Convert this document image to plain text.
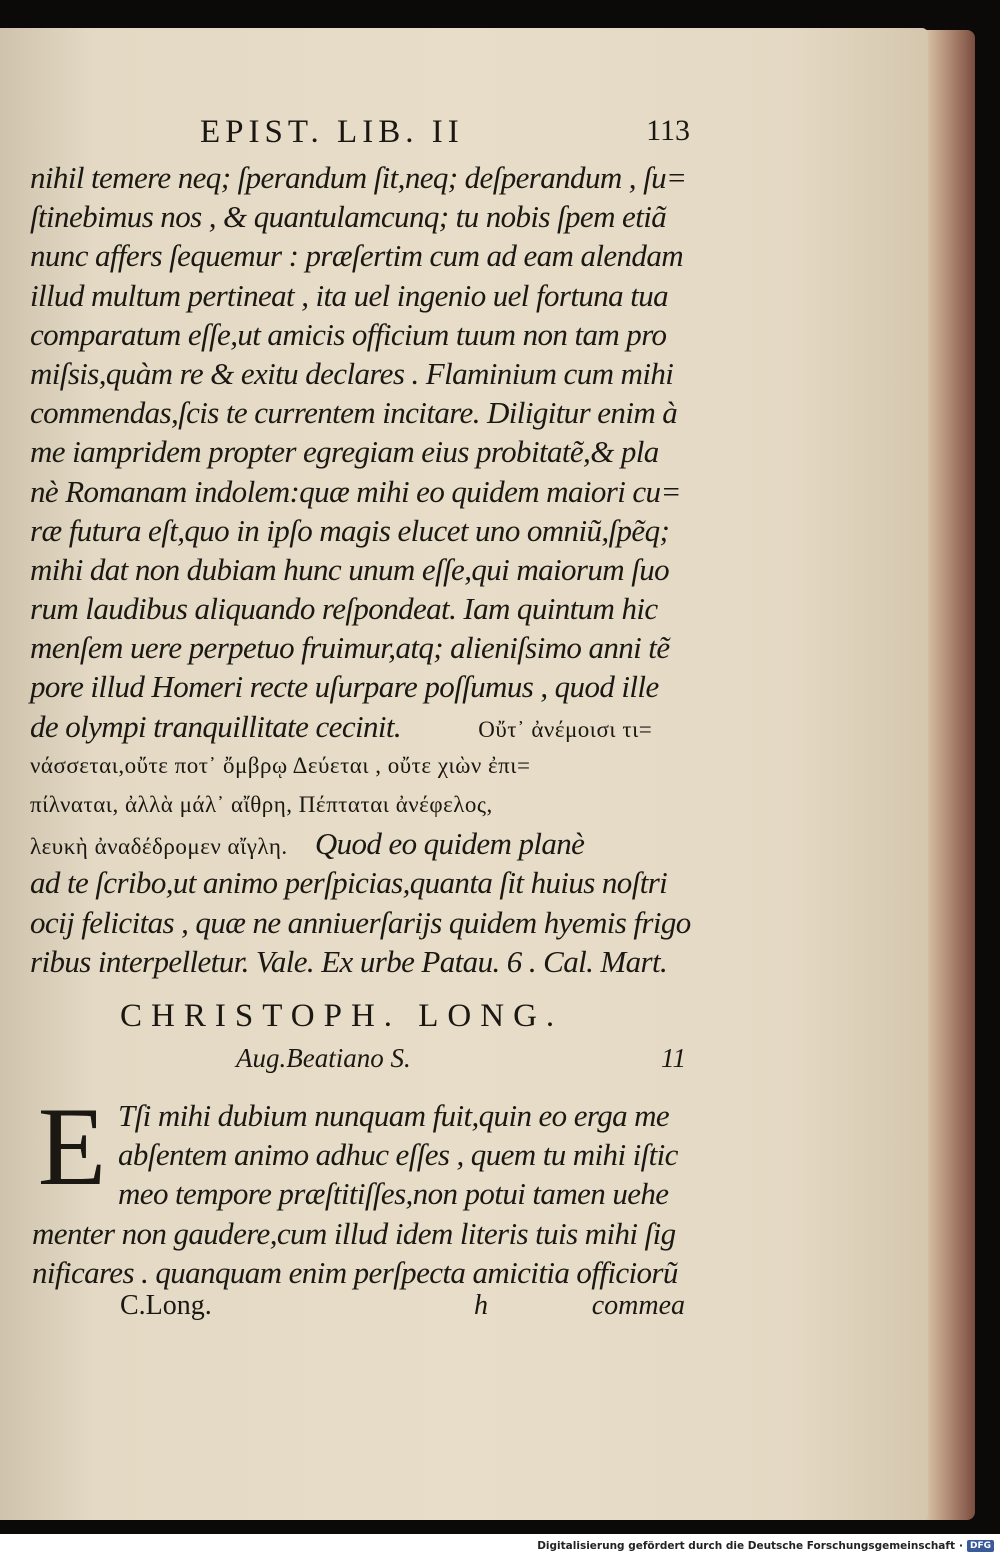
EPIST. LIB. II	113
nihil temere neq; ſperandum ſit,neq; deſperandum , ſu=
ſtinebimus nos , & quantulamcunq; tu nobis ſpem etiã
nunc affers ſequemur : præſertim cum ad eam alendam
illud multum pertineat , ita uel ingenio uel fortuna tua
comparatum eſſe,ut amicis officium tuum non tam pro
miſsis,quàm re & exitu declares . Flaminium cum mihi
commendas,ſcis te currentem incitare. Diligitur enim à
me iampridem propter egregiam eius probitatẽ,& pla
nè Romanam indolem:quæ mihi eo quidem maiori cu=
ræ futura eſt,quo in ipſo magis elucet uno omniũ,ſpẽq;
mihi dat non dubiam hunc unum eſſe,qui maiorum ſuo
rum laudibus aliquando reſpondeat. Iam quintum hic
menſem uere perpetuo fruimur,atq; alieniſsimo anni tẽ
pore illud Homeri recte uſurpare poſſumus , quod ille
de olympi tranquillitate cecinit.	Οὔτ᾽ ἀνέμοισι τι=
νάσσεται,οὔτε ποτ᾽ ὄμβρῳ Δεύεται , οὔτε χιὼν ἐπι=
πίλναται, ἀλλὰ μάλ᾽ αἴθρη, Πέπταται ἀνέφελος,
λευκὴ ἀναδέδρομεν αἴγλη. Quod eo quidem planè
ad te ſcribo,ut animo perſpicias,quanta ſit huius noſtri
ocij felicitas , quæ ne anniuerſarijs quidem hyemis frigo
ribus interpelletur. Vale. Ex urbe Patau. 6 . Cal. Mart.
CHRISTOPH. LONG.
Aug.Beatiano S.	11
E Tſi mihi dubium nunquam fuit,quin eo erga me
abſentem animo adhuc eſſes , quem tu mihi iſtic
meo tempore præſtitiſſes,non potui tamen uehe
menter non gaudere,cum illud idem literis tuis mihi ſig
nificares . quanquam enim perſpecta amicitia officiorũ
C.Long.	h	commea
Digitalisierung gefördert durch die Deutsche Forschungsgemeinschaft · DFG
